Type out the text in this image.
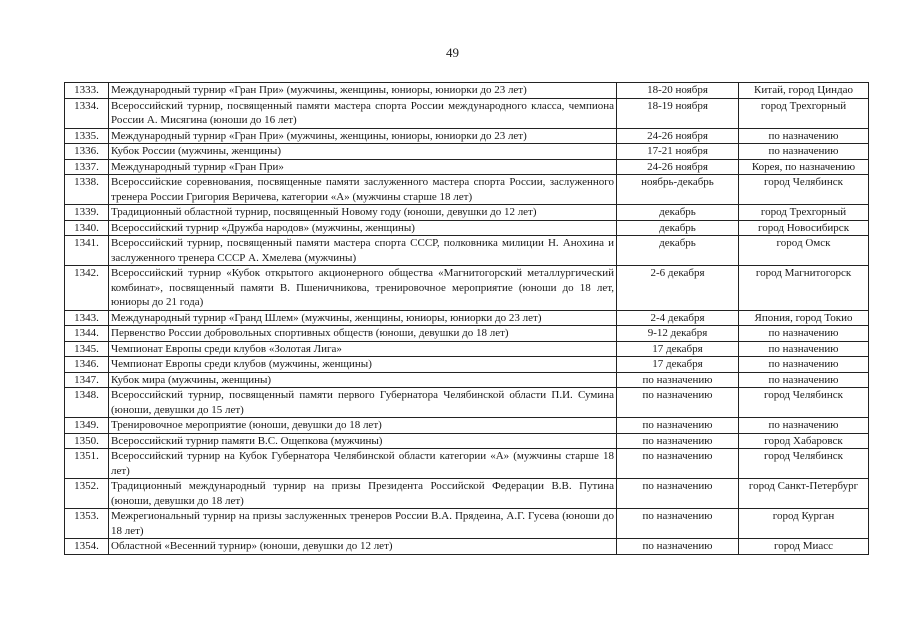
49
1333.	Международный турнир «Гран При» (мужчины, женщины, юниоры, юниорки до 23 лет)	18-20 ноября	Китай, город Циндао
1334.	Всероссийский турнир, посвященный памяти мастера спорта России международного класса, чемпиона России А. Мисягина (юноши до 16 лет)	18-19 ноября	город Трехгорный
1335.	Международный турнир «Гран При» (мужчины, женщины, юниоры, юниорки до 23 лет)	24-26 ноября	по назначению
1336.	Кубок России (мужчины, женщины)	17-21 ноября	по назначению
1337.	Международный турнир «Гран При»	24-26 ноября	Корея, по назначению
1338.	Всероссийские соревнования, посвященные памяти заслуженного мастера спорта России, заслуженного тренера России Григория Веричева, категории «А» (мужчины старше 18 лет)	ноябрь-декабрь	город Челябинск
1339.	Традиционный областной турнир, посвященный Новому году (юноши, девушки до 12 лет)	декабрь	город Трехгорный
1340.	Всероссийский турнир «Дружба народов» (мужчины, женщины)	декабрь	город Новосибирск
1341.	Всероссийский турнир, посвященный памяти мастера спорта СССР, полковника милиции Н. Анохина и заслуженного тренера СССР А. Хмелева (мужчины)	декабрь	город Омск
1342.	Всероссийский турнир «Кубок открытого акционерного общества «Магнитогорский металлургический комбинат», посвященный памяти В. Пшеничникова, тренировочное мероприятие (юноши до 18 лет, юниоры до 21 года)	2-6 декабря	город Магнитогорск
1343.	Международный турнир «Гранд Шлем» (мужчины, женщины, юниоры, юниорки до 23 лет)	2-4 декабря	Япония, город Токио
1344.	Первенство России добровольных спортивных обществ (юноши, девушки до 18 лет)	9-12 декабря	по назначению
1345.	Чемпионат Европы среди клубов «Золотая Лига»	17 декабря	по назначению
1346.	Чемпионат Европы среди клубов (мужчины, женщины)	17 декабря	по назначению
1347.	Кубок мира (мужчины, женщины)	по назначению	по назначению
1348.	Всероссийский турнир, посвященный памяти первого Губернатора Челябинской области П.И. Сумина (юноши, девушки до 15 лет)	по назначению	город Челябинск
1349.	Тренировочное мероприятие (юноши, девушки до 18 лет)	по назначению	по назначению
1350.	Всероссийский турнир памяти В.С. Ощепкова (мужчины)	по назначению	город Хабаровск
1351.	Всероссийский турнир на Кубок Губернатора Челябинской области категории «А» (мужчины старше 18 лет)	по назначению	город Челябинск
1352.	Традиционный международный турнир на призы Президента Российской Федерации В.В. Путина (юноши, девушки до 18 лет)	по назначению	город Санкт-Петербург
1353.	Межрегиональный турнир на призы заслуженных тренеров России В.А. Прядеина, А.Г. Гусева (юноши до 18 лет)	по назначению	город Курган
1354.	Областной «Весенний турнир» (юноши, девушки до 12 лет)	по назначению	город Миасс
